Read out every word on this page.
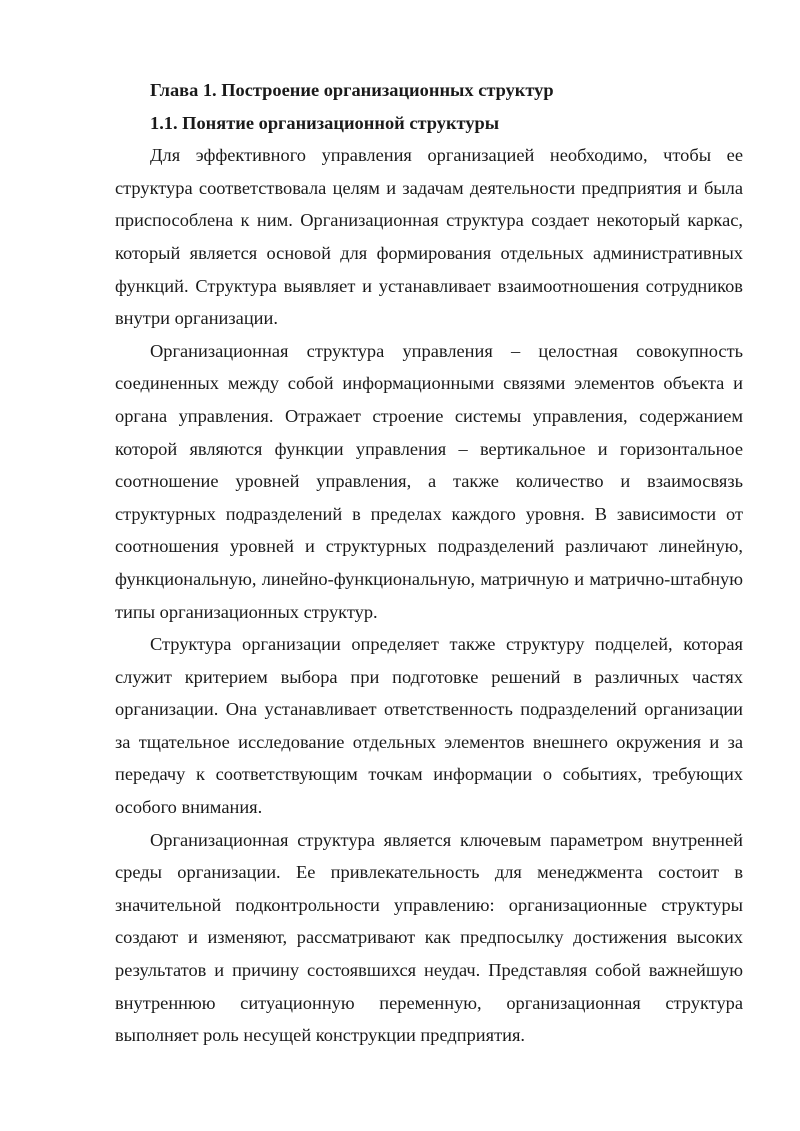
Глава 1. Построение организационных структур

1.1. Понятие организационной структуры

Для эффективного управления организацией необходимо, чтобы ее структура соответствовала целям и задачам деятельности предприятия и была приспособлена к ним. Организационная структура создает некоторый каркас, который является основой для формирования отдельных административных функций. Структура выявляет и устанавливает взаимоотношения сотрудников внутри организации.

Организационная структура управления – целостная совокупность соединенных между собой информационными связями элементов объекта и органа управления. Отражает строение системы управления, содержанием которой являются функции управления – вертикальное и горизонтальное соотношение уровней управления, а также количество и взаимосвязь структурных подразделений в пределах каждого уровня. В зависимости от соотношения уровней и структурных подразделений различают линейную, функциональную, линейно-функциональную, матричную и матрично-штабную типы организационных структур.

Структура организации определяет также структуру подцелей, которая служит критерием выбора при подготовке решений в различных частях организации. Она устанавливает ответственность подразделений организации за тщательное исследование отдельных элементов внешнего окружения и за передачу к соответствующим точкам информации о событиях, требующих особого внимания.

Организационная структура является ключевым параметром внутренней среды организации. Ее привлекательность для менеджмента состоит в значительной подконтрольности управлению: организационные структуры создают и изменяют, рассматривают как предпосылку достижения высоких результатов и причину состоявшихся неудач. Представляя собой важнейшую внутреннюю ситуационную переменную, организационная структура выполняет роль несущей конструкции предприятия.
